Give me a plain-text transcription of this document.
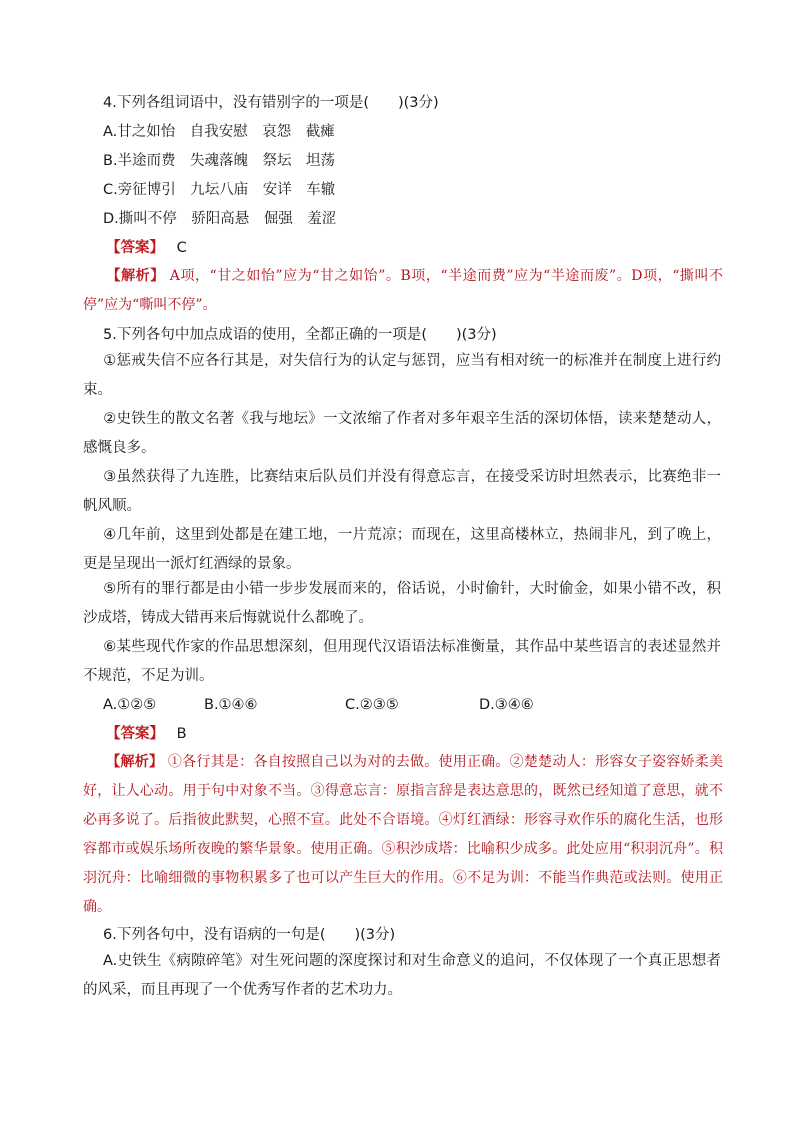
4.下列各组词语中，没有错别字的一项是(　　)(3分)
A.甘之如怡　自我安慰　哀怨　截瘫
B.半途而费　失魂落魄　祭坛　坦荡
C.旁征博引　九坛八庙　安详　车辙
D.撕叫不停　骄阳高悬　倔强　羞涩
【答案】 C
【解析】 A项，“甘之如怡”应为“甘之如饴”。B项，“半途而费”应为“半途而废”。D项，“撕叫不停”应为“嘶叫不停”。
5.下列各句中加点成语的使用，全都正确的一项是(　　)(3分)
①惩戒失信不应各行其是，对失信行为的认定与惩罚，应当有相对统一的标准并在制度上进行约束。
②史铁生的散文名著《我与地坛》一文浓缩了作者对多年艰辛生活的深切体悟，读来楚楚动人，感慨良多。
③虽然获得了九连胜，比赛结束后队员们并没有得意忘言，在接受采访时坦然表示，比赛绝非一帆风顺。
④几年前，这里到处都是在建工地，一片荒凉；而现在，这里高楼林立，热闹非凡，到了晚上，更是呈现出一派灯红酒绿的景象。
⑤所有的罪行都是由小错一步步发展而来的，俗话说，小时偷针，大时偷金，如果小错不改，积沙成塔，铸成大错再来后悔就说什么都晚了。
⑥某些现代作家的作品思想深刻，但用现代汉语语法标准衡量，其作品中某些语言的表述显然并不规范，不足为训。
A.①②⑤	B.①④⑥	C.②③⑤	D.③④⑥
【答案】 B
【解析】 ①各行其是：各自按照自己以为对的去做。使用正确。②楚楚动人：形容女子姿容娇柔美好，让人心动。用于句中对象不当。③得意忘言：原指言辞是表达意思的，既然已经知道了意思，就不必再多说了。后指彼此默契，心照不宣。此处不合语境。④灯红酒绿：形容寻欢作乐的腐化生活，也形容都市或娱乐场所夜晚的繁华景象。使用正确。⑤积沙成塔：比喻积少成多。此处应用“积羽沉舟”。积羽沉舟：比喻细微的事物积累多了也可以产生巨大的作用。⑥不足为训：不能当作典范或法则。使用正确。
6.下列各句中，没有语病的一句是(　　)(3分)
A.史铁生《病隙碎笔》对生死问题的深度探讨和对生命意义的追问，不仅体现了一个真正思想者的风采，而且再现了一个优秀写作者的艺术功力。
